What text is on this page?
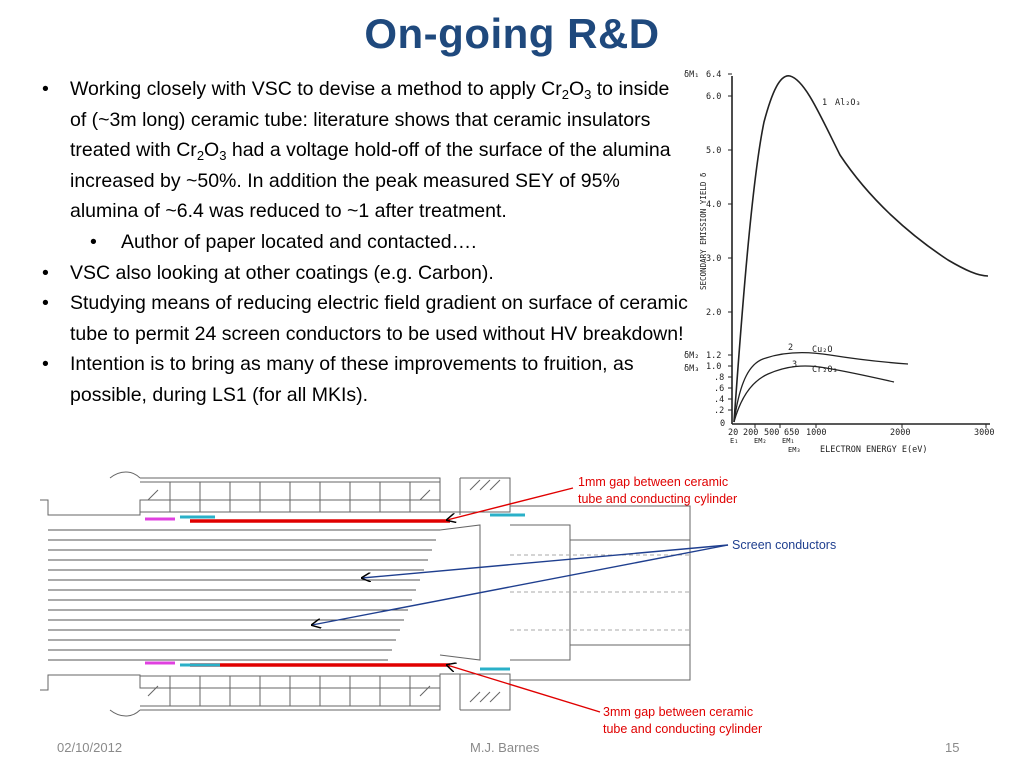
On-going R&D
• Working closely with VSC to devise a method to apply $Cr_2O_3$ to inside of (~3m long) ceramic tube: literature shows that ceramic insulators treated with $Cr_2O_3$ had a voltage hold-off of the surface of the alumina increased by ~50%. In addition the peak measured SEY of 95% alumina of ~6.4 was reduced to ~1 after treatment.
• Author of paper located and contacted….
• VSC also looking at other coatings (e.g. Carbon).
• Studying means of reducing electric field gradient on surface of ceramic tube to permit 24 screen conductors to be used without HV breakdown!
• Intention is to bring as many of these improvements to fruition, as possible, during LS1 (for all MKIs).
6.4
6.0
5.0
4.0
3.0
2.0
1.2
1.0
.8
.6
.4
.2
0
δM₁
δM₂
δM₃
20 200 500 650 1000	2000	3000
E₁ EM₂ EM₁
EM₃ ELECTRON ENERGY E(eV)
1 Al₂O₃
2 Cu₂O
3 Cr₂O₃
SECONDARY EMISSION YIELD δ
1mm gap between ceramic
tube and conducting cylinder
Screen conductors
3mm gap between ceramic
tube and conducting cylinder
02/10/2012	M.J. Barnes	15
